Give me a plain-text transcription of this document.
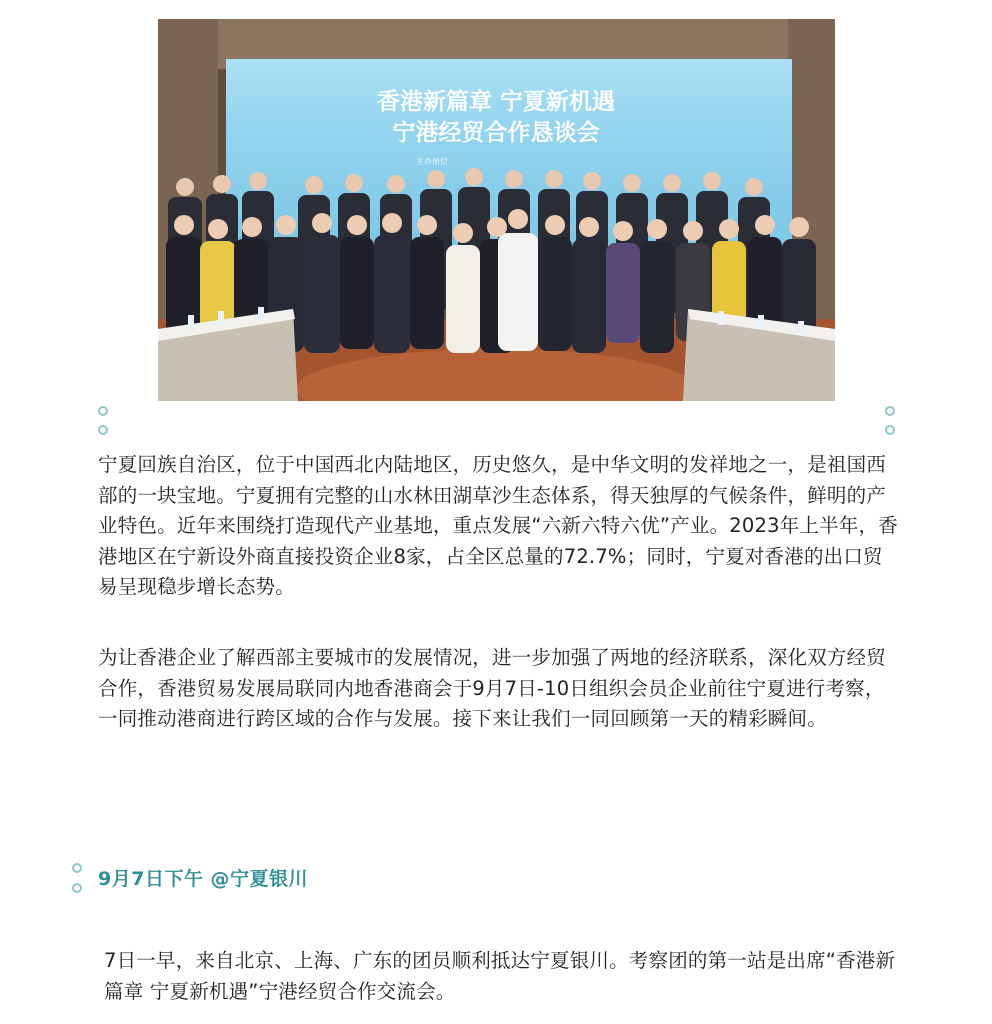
香港新篇章 宁夏新机遇
宁港经贸合作恳谈会
主办单位

宁夏回族自治区，位于中国西北内陆地区，历史悠久，是中华文明的发祥地之一，是祖国西部的一块宝地。宁夏拥有完整的山水林田湖草沙生态体系，得天独厚的气候条件，鲜明的产业特色。近年来围绕打造现代产业基地，重点发展“六新六特六优”产业。2023年上半年，香港地区在宁新设外商直接投资企业8家，占全区总量的72.7%；同时，宁夏对香港的出口贸易呈现稳步增长态势。

为让香港企业了解西部主要城市的发展情况，进一步加强了两地的经济联系，深化双方经贸合作，香港贸易发展局联同内地香港商会于9月7日-10日组织会员企业前往宁夏进行考察，一同推动港商进行跨区域的合作与发展。接下来让我们一同回顾第一天的精彩瞬间。

9月7日下午 @宁夏银川

7日一早，来自北京、上海、广东的团员顺利抵达宁夏银川。考察团的第一站是出席“香港新篇章 宁夏新机遇”宁港经贸合作交流会。
